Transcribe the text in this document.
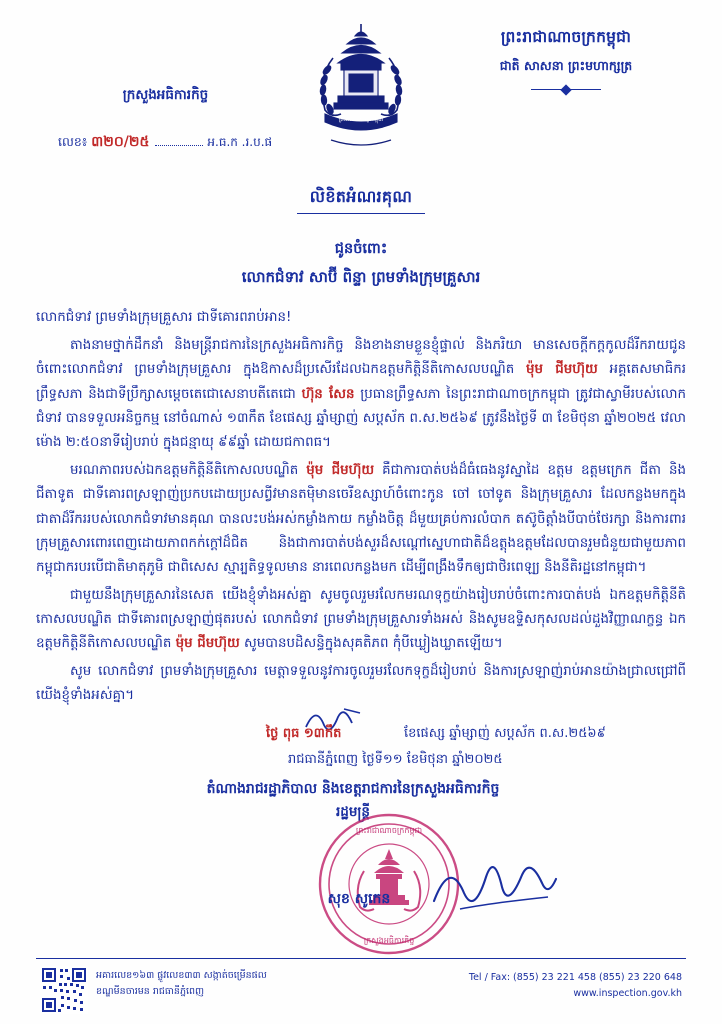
ព្រះរាជាណាចក្រកម្ពុជា
ជាតិ សាសនា ព្រះមហាក្សត្រ
ក្រសួងអធិការកិច្ច
លេខ៖ ៣២០/២៥	អ.ធ.ក .រ.ប.ផ
ព្រះរាជាណាចក្រកម្ពុជា
លិខិតអំណរគុណ
ជូនចំពោះ
លោកជំទាវ សាប៊ី ពិន្ទា ព្រមទាំងក្រុមគ្រួសារ

លោកជំទាវ ព្រមទាំងក្រុមគ្រួសារ ជាទីគោរពរាប់អាន!

តាងនាមថ្នាក់ដឹកនាំ និងមន្ត្រីរាជការនៃក្រសួងអធិការកិច្ច និងខាងនាមខ្លួនខ្ញុំផ្ទាល់ និងភរិយា មានសេចក្ដីកក្តកូលដ៏រីករាយជូនចំពោះលោកជំទាវ ព្រមទាំងក្រុមគ្រួសារ ក្នុងឱកាសដ៏ប្រសើរដែលឯកឧត្តមកិត្តិនីតិកោសលបណ្ឌិត ម៉ុម ជីមហ៊ុយ អគ្គតេសមាធិករព្រឹទ្ធសភា និងជាទីប្រឹក្សាសម្ដេចតេជោសេនាបតីតេជោ ហ៊ុន សែន ប្រធានព្រឹទ្ធសភា នៃព្រះរាជាណាចក្រកម្ពុជា ត្រូវជាស្វាមីរបស់លោកជំទាវ បានទទួលអនិច្ចកម្ម នៅចំណាស់ ១៣កឹត ខែផេស្ស ឆ្នាំម្សាញ់ សប្តស័ក ព.ស.២៥៦៩ ត្រូវនឹងថ្ងៃទី ៣ ខែមិថុនា ឆ្នាំ២០២៥ វេលាម៉ោង ២:៥០នាទីរៀបរាប់ ក្នុងជន្មាយុ ៩៩ឆ្នាំ ដោយជកាពធ។

មរណភាពរបស់ឯកឧត្តមកិត្តិនីតិកោសលបណ្ឌិត ម៉ុម ជីមហ៊ុយ គឺជាការបាត់បង់ដ៏ធំធេងនូវស្នាដៃ ឧត្តម ឧត្តមក្រេក ជីតា និងជីតាទូត ជាទីគោរពស្រឡាញ់ប្រកបដោយប្រសព្វីវមានតម៉ិមានចេរីឧស្សាហ៍ចំពោះកូន ចៅ ចៅទូត និងក្រុមគ្រួសារ ដែលកន្លងមកក្នុងជាតាដ៏រីកររបស់លោកជំទាវមានគុណ បានលះបង់អស់កម្លាំងកាយ កម្លាំងចិត្ត ដ៏មួយគ្រប់ការលំបាក តស៊ូចិត្ដាំងបីបាច់ថែរក្សា និងការពារក្រុមគ្រួសារពោរពេញដោយភាពកក់ក្ដៅដ៏ជិត និងជាការបាត់បង់សួរដ៏សណ្ដៅស្នេហាជាតិដ៏ឧត្តុងឧត្តមដែលបានរួមជំនួយជាមួយភាពកម្ពុជាករបរបើជាតិមាតុភូមិ ជាពិសេស ស្មារ្បតិទ្ធទូលមាន នារពេលកន្លងមក ដើម្បីពងឹ្រងទឹកឲ្យជាថិរពេឡ្យ និងនីតិរដ្ឋនៅកម្ពុជា។

ជាមួយនឹងក្រុមគ្រួសារនៃសេត យើងខ្ញុំទាំងអស់គ្នា សូមចូលរួមរលែកមរណទុក្ខយ៉ាងរៀបរាប់ចំពោះការបាត់បង់ ឯកឧត្តមកិត្តិនីតិកោសលបណ្ឌិត ជាទីគោរពស្រឡាញ់ផុតរបស់ លោកជំទាវ ព្រមទាំងក្រុមគ្រួសារទាំងអស់ និងសូមឧទ្ទិសកុសលដល់ដួងវិញ្ញាណក្ខន្ធ ឯកឧត្តមកិត្តិនីតិកោសលបណ្ឌិត ម៉ុម ជីមហ៊ុយ សូមបានបដិសន្ធិក្នុងសុគតិភព កុំបីឃ្លៀងឃ្លាតឡើយ។

សូម លោកជំទាវ ព្រមទាំងក្រុមគ្រួសារ មេត្តាទទួលនូវការចូលរួមរលែកទុក្ខដ៏រៀបរាប់ និងការស្រឡាញ់រាប់អានយ៉ាងជ្រាលជ្រៅពីយើងខ្ញុំទាំងអស់គ្នា។

ថ្ងៃ ពុធ ១៣កឹត	ខែផេស្ស ឆ្នាំម្សាញ់ សប្តស័ក ព.ស.២៥៦៩
រាជធានីភ្នំពេញ ថ្ងៃទី១១ ខែមិថុនា ឆ្នាំ២០២៥
តំណាងរាជរដ្ឋាភិបាល និងខេត្ដរាជការនៃក្រសួងអធិការកិច្ច
រដ្ឋមន្ត្រី
ព្រះរាជាណាចក្រកម្ពុជា
ក្រសួងអធិការកិច្ច
សុខ សូកេន
អគារលេខ១៦៣ ផ្លូវលេខ៣៣ សង្កាត់ចម្រើនផល
ខណ្ឌមីនចារមន រាជធានីភ្នំពេញ
Tel / Fax: (855) 23 221 458 (855) 23 220 648
www.inspection.gov.kh
